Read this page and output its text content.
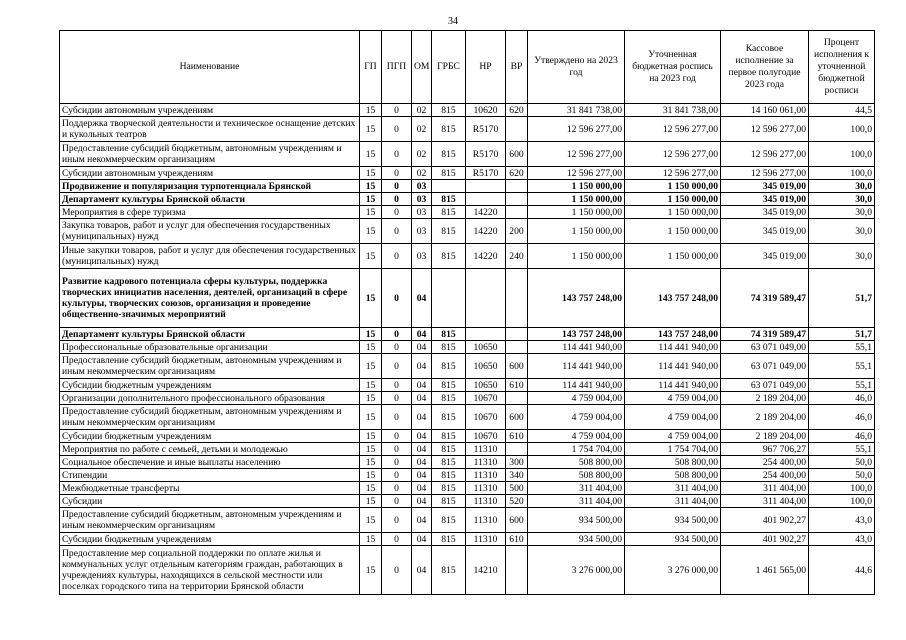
34
Наименование	ГП	ПГП	ОМ	ГРБС	НР	ВР	Утверждено на 2023 год	Уточненная бюджетная роспись на 2023 год	Кассовое исполнение за первое полугодие 2023 года	Процент исполнения к уточненной бюджетной росписи
Субсидии автономным учреждениям	15	0	02	815	10620	620	31 841 738,00	31 841 738,00	14 160 061,00	44,5
Поддержка творческой деятельности и техническое оснащение детских и кукольных театров	15	0	02	815	R5170		12 596 277,00	12 596 277,00	12 596 277,00	100,0
Предоставление субсидий бюджетным, автономным учреждениям и иным некоммерческим организациям	15	0	02	815	R5170	600	12 596 277,00	12 596 277,00	12 596 277,00	100,0
Субсидии автономным учреждениям	15	0	02	815	R5170	620	12 596 277,00	12 596 277,00	12 596 277,00	100,0
Продвижение и популяризация турпотенциала Брянской	15	0	03				1 150 000,00	1 150 000,00	345 019,00	30,0
Департамент культуры Брянской области	15	0	03	815			1 150 000,00	1 150 000,00	345 019,00	30,0
Мероприятия в сфере туризма	15	0	03	815	14220		1 150 000,00	1 150 000,00	345 019,00	30,0
Закупка товаров, работ и услуг для обеспечения государственных (муниципальных) нужд	15	0	03	815	14220	200	1 150 000,00	1 150 000,00	345 019,00	30,0
Иные закупки товаров, работ и услуг для обеспечения государственных (муниципальных) нужд	15	0	03	815	14220	240	1 150 000,00	1 150 000,00	345 019,00	30,0
Развитие кадрового потенциала сферы культуры, поддержка творческих инициатив населения, деятелей, организаций в сфере культуры, творческих союзов, организация и проведение общественно-значимых мероприятий	15	0	04				143 757 248,00	143 757 248,00	74 319 589,47	51,7
Департамент культуры Брянской области	15	0	04	815			143 757 248,00	143 757 248,00	74 319 589,47	51,7
Профессиональные образовательные организации	15	0	04	815	10650		114 441 940,00	114 441 940,00	63 071 049,00	55,1
Предоставление субсидий бюджетным, автономным учреждениям и иным некоммерческим организациям	15	0	04	815	10650	600	114 441 940,00	114 441 940,00	63 071 049,00	55,1
Субсидии бюджетным учреждениям	15	0	04	815	10650	610	114 441 940,00	114 441 940,00	63 071 049,00	55,1
Организации дополнительного профессионального образования	15	0	04	815	10670		4 759 004,00	4 759 004,00	2 189 204,00	46,0
Предоставление субсидий бюджетным, автономным учреждениям и иным некоммерческим организациям	15	0	04	815	10670	600	4 759 004,00	4 759 004,00	2 189 204,00	46,0
Субсидии бюджетным учреждениям	15	0	04	815	10670	610	4 759 004,00	4 759 004,00	2 189 204,00	46,0
Мероприятия по работе с семьей, детьми и молодежью	15	0	04	815	11310		1 754 704,00	1 754 704,00	967 706,27	55,1
Социальное обеспечение и иные выплаты населению	15	0	04	815	11310	300	508 800,00	508 800,00	254 400,00	50,0
Стипендии	15	0	04	815	11310	340	508 800,00	508 800,00	254 400,00	50,0
Межбюджетные трансферты	15	0	04	815	11310	500	311 404,00	311 404,00	311 404,00	100,0
Субсидии	15	0	04	815	11310	520	311 404,00	311 404,00	311 404,00	100,0
Предоставление субсидий бюджетным, автономным учреждениям и иным некоммерческим организациям	15	0	04	815	11310	600	934 500,00	934 500,00	401 902,27	43,0
Субсидии бюджетным учреждениям	15	0	04	815	11310	610	934 500,00	934 500,00	401 902,27	43,0
Предоставление мер социальной поддержки по оплате жилья и коммунальных услуг отдельным категориям граждан, работающих в учреждениях культуры, находящихся в сельской местности или поселках городского типа на территории Брянской области	15	0	04	815	14210		3 276 000,00	3 276 000,00	1 461 565,00	44,6
